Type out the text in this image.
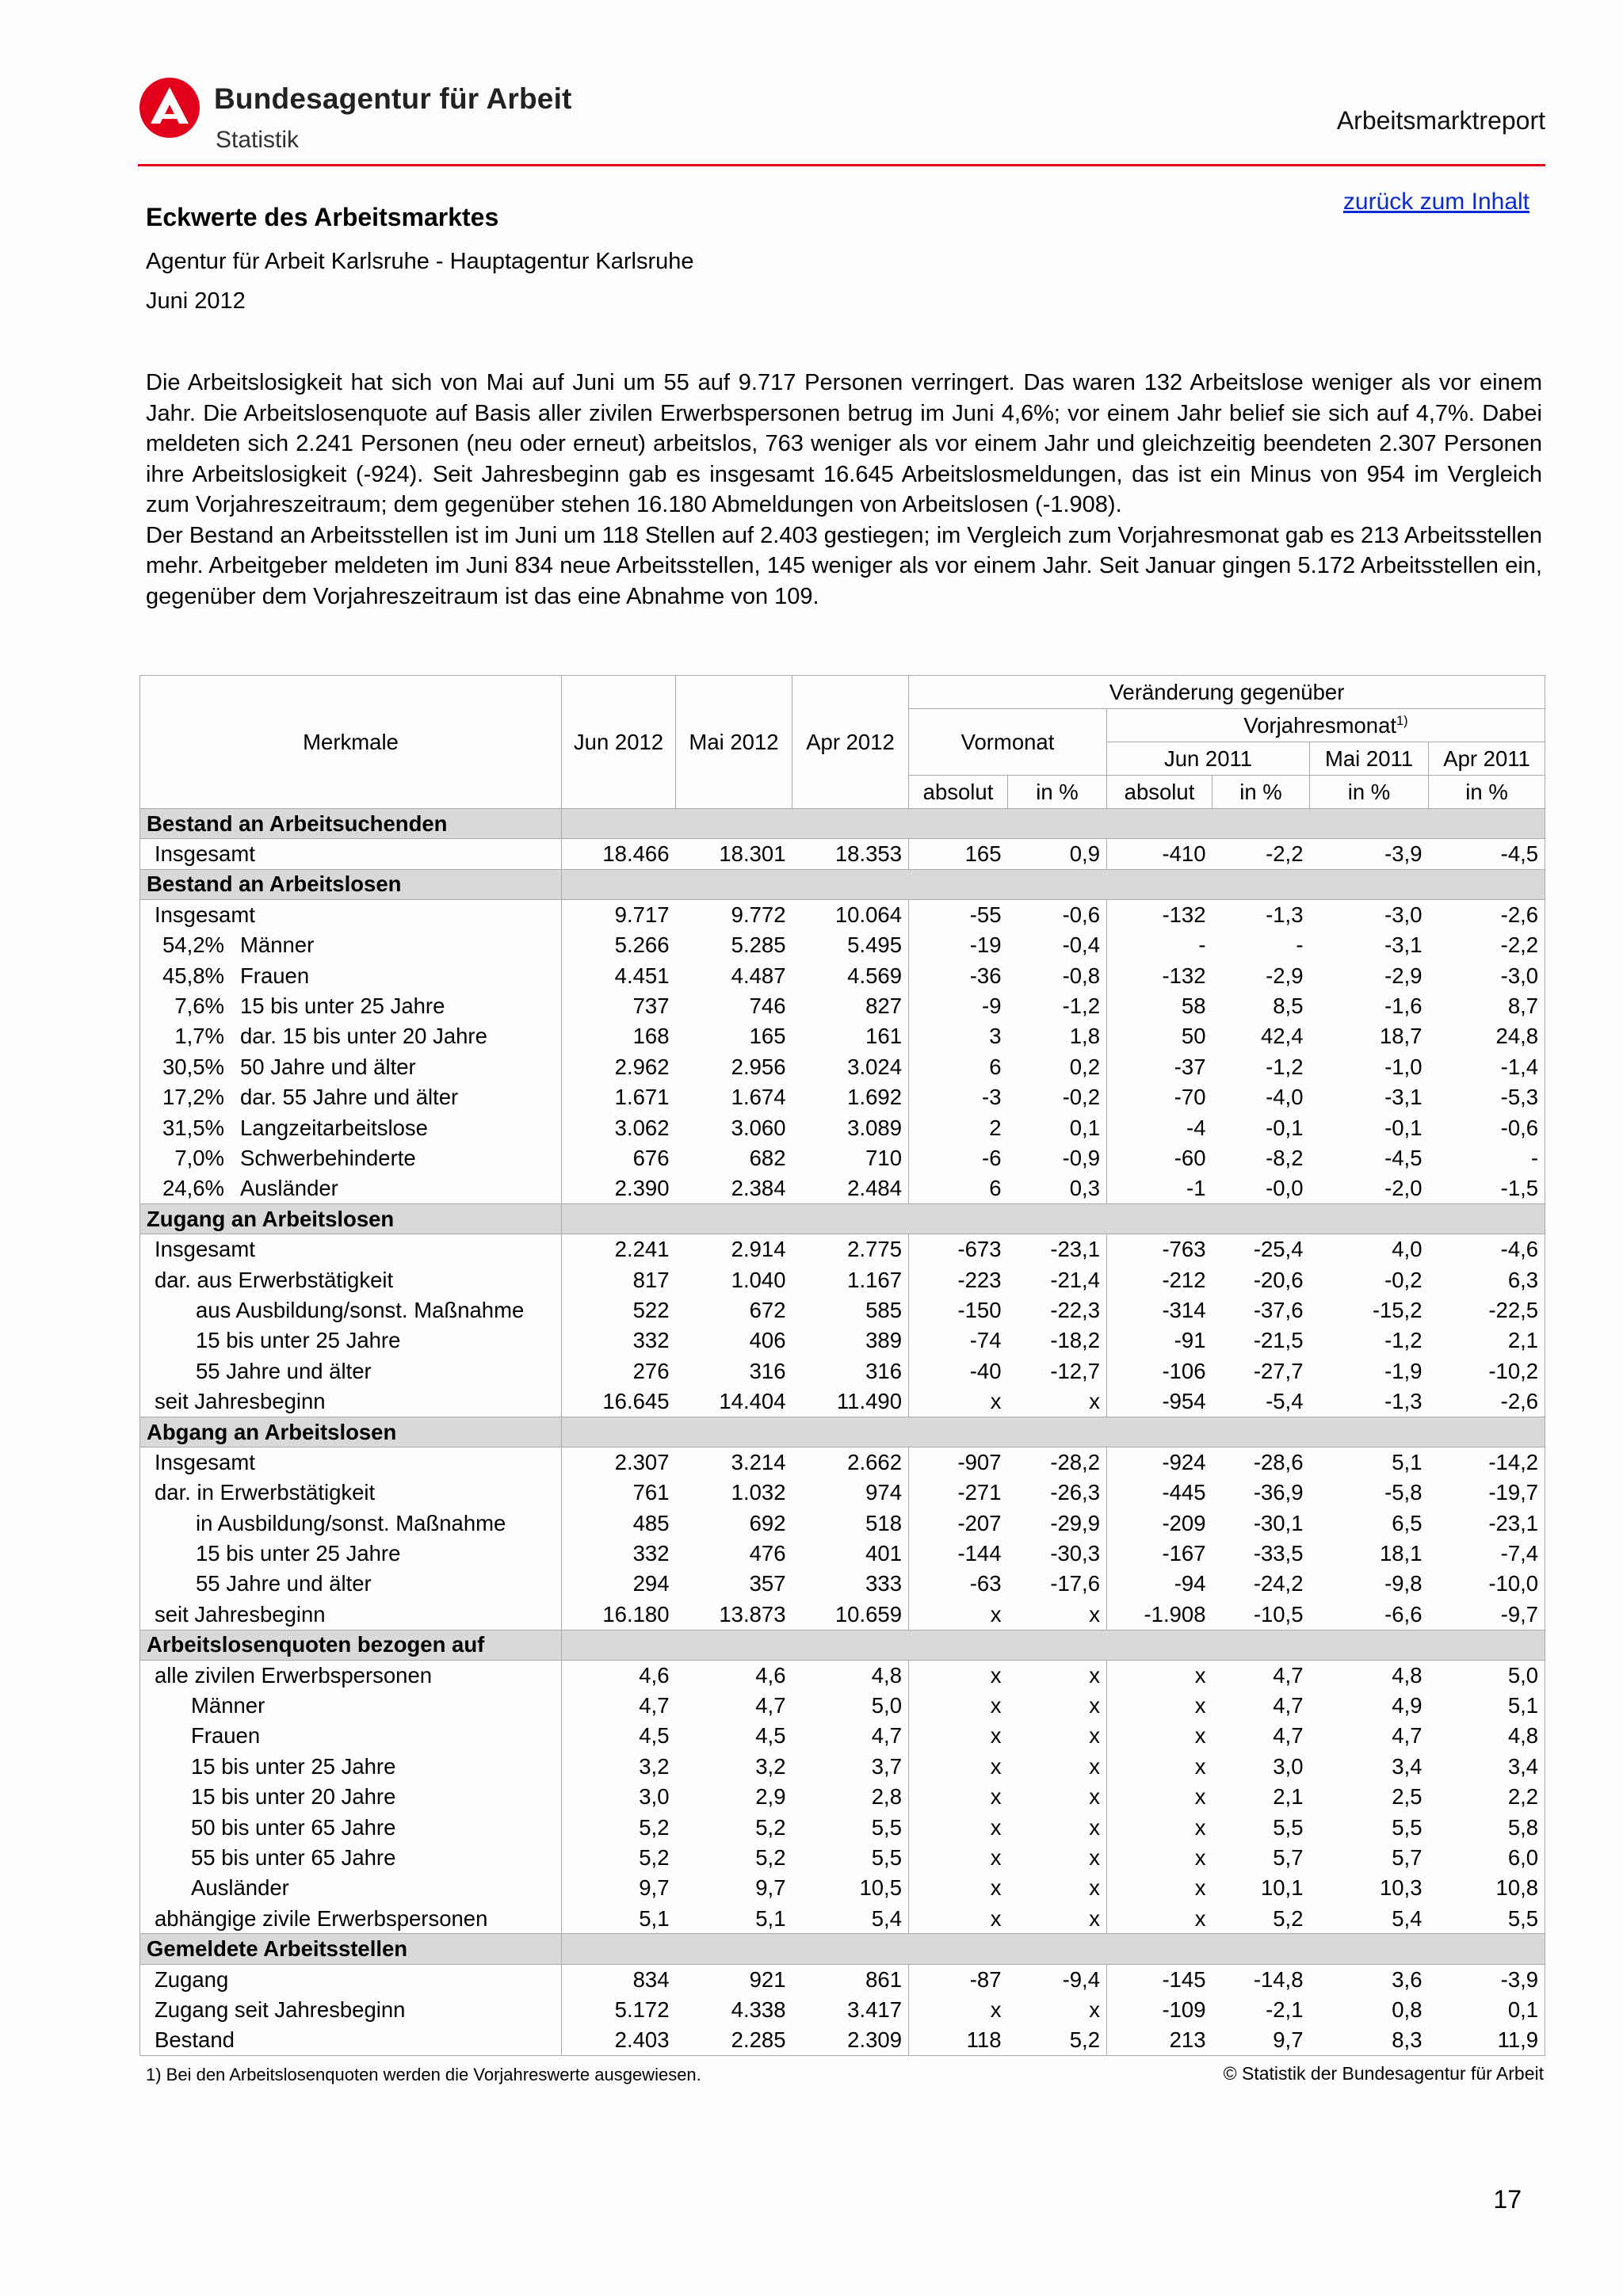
Bundesagentur für Arbeit
Statistik
Arbeitsmarktreport
zurück zum Inhalt
Eckwerte des Arbeitsmarktes
Agentur für Arbeit Karlsruhe - Hauptagentur Karlsruhe
Juni 2012

Die Arbeitslosigkeit hat sich von Mai auf Juni um 55 auf 9.717 Personen verringert. Das waren 132 Arbeitslose weniger als vor einem Jahr. Die Arbeitslosenquote auf Basis aller zivilen Erwerbspersonen betrug im Juni 4,6%; vor einem Jahr belief sie sich auf 4,7%. Dabei meldeten sich 2.241 Personen (neu oder erneut) arbeitslos, 763 weniger als vor einem Jahr und gleichzeitig beendeten 2.307 Personen ihre Arbeitslosigkeit (-924). Seit Jahresbeginn gab es insgesamt 16.645 Arbeitslosmeldungen, das ist ein Minus von 954 im Vergleich zum Vorjahreszeitraum; dem gegenüber stehen 16.180 Abmeldungen von Arbeitslosen (-1.908).

Der Bestand an Arbeitsstellen ist im Juni um 118 Stellen auf 2.403 gestiegen; im Vergleich zum Vorjahresmonat gab es 213 Arbeitsstellen mehr. Arbeitgeber meldeten im Juni 834 neue Arbeitsstellen, 145 weniger als vor einem Jahr. Seit Januar gingen 5.172 Arbeitsstellen ein, gegenüber dem Vorjahreszeitraum ist das eine Abnahme von 109.

Merkmale	Jun 2012	Mai 2012	Apr 2012	Veränderung gegenüber					
				Vormonat		Vorjahresmonat$^{1)}$
						Jun 2011		Mai 2011	Apr 2011
				absolut	in %	absolut	in %	in %	in %
Bestand an Arbeitsuchenden									
Insgesamt	18.466	18.301	18.353	165	0,9	-410	-2,2	-3,9	-4,5
Bestand an Arbeitslosen									
Insgesamt	9.717	9.772	10.064	-55	-0,6	-132	-1,3	-3,0	-2,6
54,2% Männer	5.266	5.285	5.495	-19	-0,4	-	-	-3,1	-2,2
45,8% Frauen	4.451	4.487	4.569	-36	-0,8	-132	-2,9	-2,9	-3,0
7,6% 15 bis unter 25 Jahre	737	746	827	-9	-1,2	58	8,5	-1,6	8,7
1,7% dar. 15 bis unter 20 Jahre	168	165	161	3	1,8	50	42,4	18,7	24,8
30,5% 50 Jahre und älter	2.962	2.956	3.024	6	0,2	-37	-1,2	-1,0	-1,4
17,2% dar. 55 Jahre und älter	1.671	1.674	1.692	-3	-0,2	-70	-4,0	-3,1	-5,3
31,5% Langzeitarbeitslose	3.062	3.060	3.089	2	0,1	-4	-0,1	-0,1	-0,6
7,0% Schwerbehinderte	676	682	710	-6	-0,9	-60	-8,2	-4,5	-
24,6% Ausländer	2.390	2.384	2.484	6	0,3	-1	-0,0	-2,0	-1,5
Zugang an Arbeitslosen									
Insgesamt	2.241	2.914	2.775	-673	-23,1	-763	-25,4	4,0	-4,6
dar. aus Erwerbstätigkeit	817	1.040	1.167	-223	-21,4	-212	-20,6	-0,2	6,3
aus Ausbildung/sonst. Maßnahme	522	672	585	-150	-22,3	-314	-37,6	-15,2	-22,5
15 bis unter 25 Jahre	332	406	389	-74	-18,2	-91	-21,5	-1,2	2,1
55 Jahre und älter	276	316	316	-40	-12,7	-106	-27,7	-1,9	-10,2
seit Jahresbeginn	16.645	14.404	11.490	x	x	-954	-5,4	-1,3	-2,6
Abgang an Arbeitslosen									
Insgesamt	2.307	3.214	2.662	-907	-28,2	-924	-28,6	5,1	-14,2
dar. in Erwerbstätigkeit	761	1.032	974	-271	-26,3	-445	-36,9	-5,8	-19,7
in Ausbildung/sonst. Maßnahme	485	692	518	-207	-29,9	-209	-30,1	6,5	-23,1
15 bis unter 25 Jahre	332	476	401	-144	-30,3	-167	-33,5	18,1	-7,4
55 Jahre und älter	294	357	333	-63	-17,6	-94	-24,2	-9,8	-10,0
seit Jahresbeginn	16.180	13.873	10.659	x	x	-1.908	-10,5	-6,6	-9,7
Arbeitslosenquoten bezogen auf									
alle zivilen Erwerbspersonen	4,6	4,6	4,8	x	x	x	4,7	4,8	5,0
Männer	4,7	4,7	5,0	x	x	x	4,7	4,9	5,1
Frauen	4,5	4,5	4,7	x	x	x	4,7	4,7	4,8
15 bis unter 25 Jahre	3,2	3,2	3,7	x	x	x	3,0	3,4	3,4
15 bis unter 20 Jahre	3,0	2,9	2,8	x	x	x	2,1	2,5	2,2
50 bis unter 65 Jahre	5,2	5,2	5,5	x	x	x	5,5	5,5	5,8
55 bis unter 65 Jahre	5,2	5,2	5,5	x	x	x	5,7	5,7	6,0
Ausländer	9,7	9,7	10,5	x	x	x	10,1	10,3	10,8
abhängige zivile Erwerbspersonen	5,1	5,1	5,4	x	x	x	5,2	5,4	5,5
Gemeldete Arbeitsstellen									
Zugang	834	921	861	-87	-9,4	-145	-14,8	3,6	-3,9
Zugang seit Jahresbeginn	5.172	4.338	3.417	x	x	-109	-2,1	0,8	0,1
Bestand	2.403	2.285	2.309	118	5,2	213	9,7	8,3	11,9
1) Bei den Arbeitslosenquoten werden die Vorjahreswerte ausgewiesen.	© Statistik der Bundesagentur für Arbeit
17
